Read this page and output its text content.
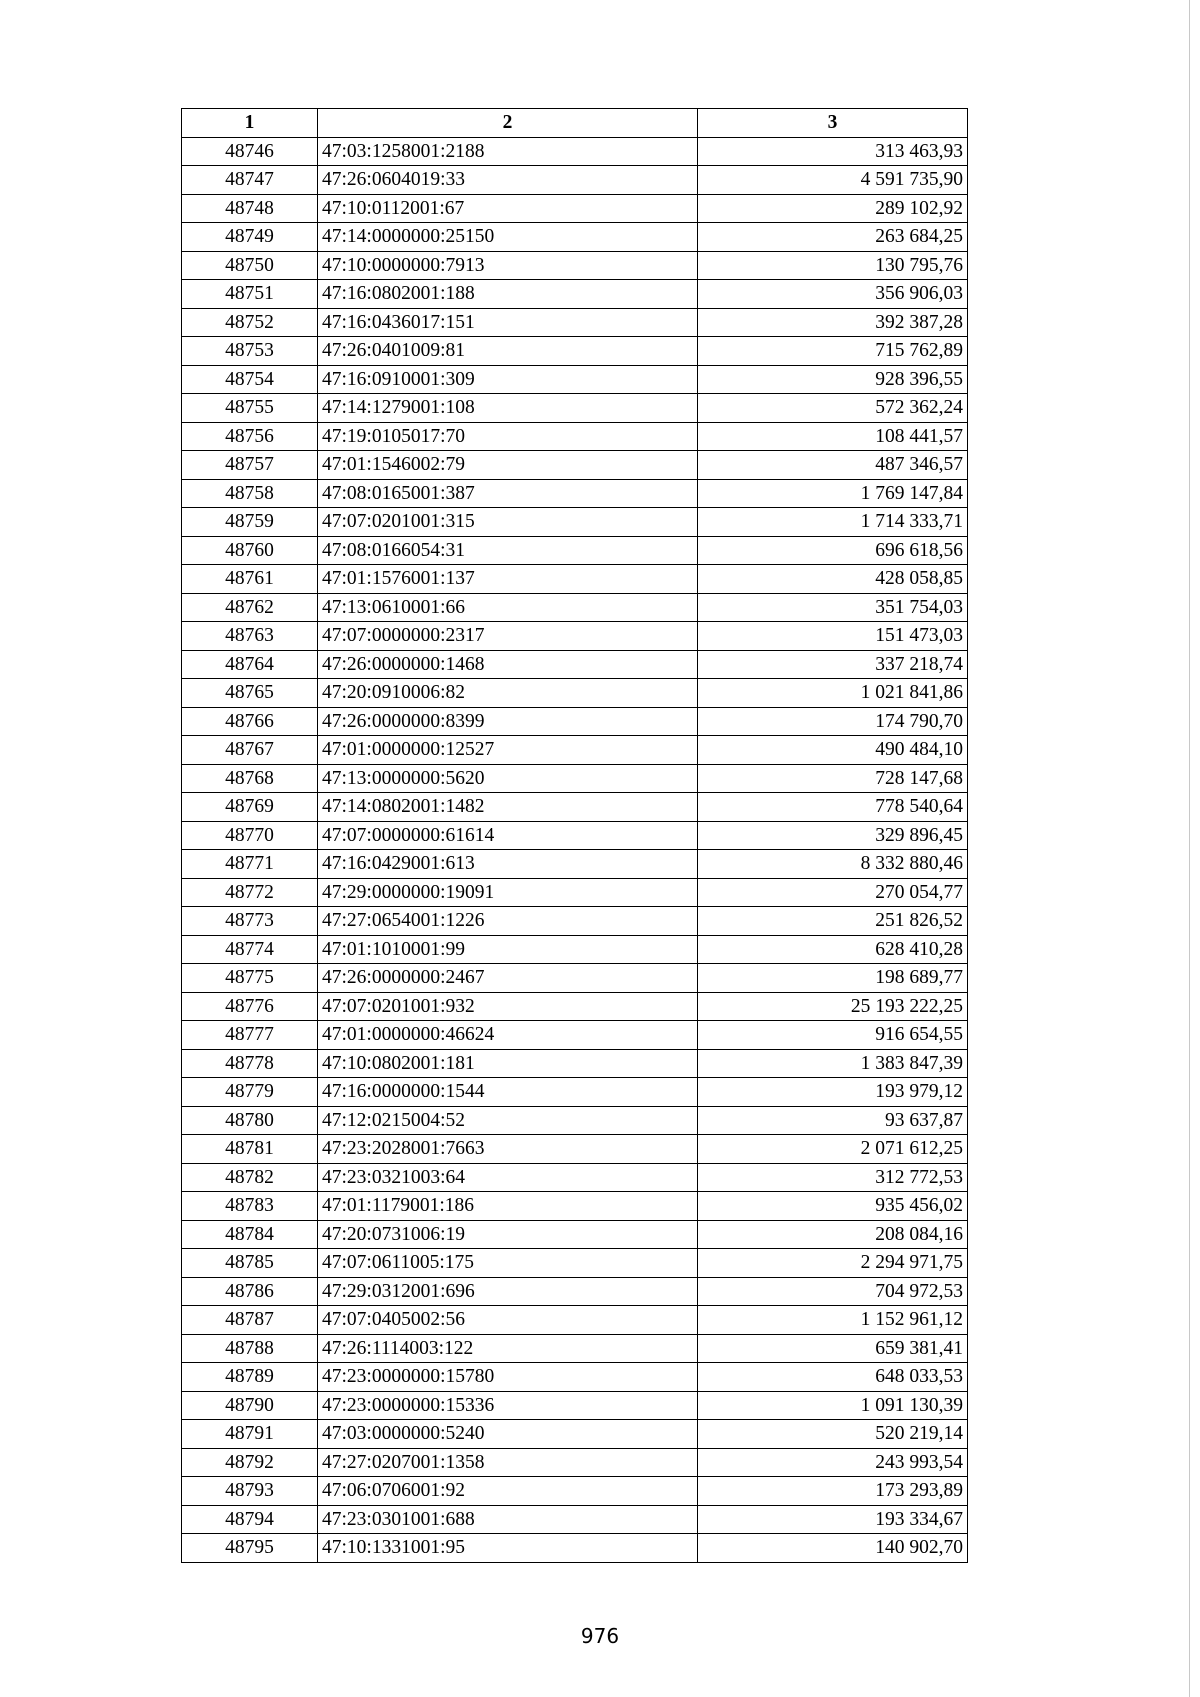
1	2	3
48746	47:03:1258001:2188	313 463,93
48747	47:26:0604019:33	4 591 735,90
48748	47:10:0112001:67	289 102,92
48749	47:14:0000000:25150	263 684,25
48750	47:10:0000000:7913	130 795,76
48751	47:16:0802001:188	356 906,03
48752	47:16:0436017:151	392 387,28
48753	47:26:0401009:81	715 762,89
48754	47:16:0910001:309	928 396,55
48755	47:14:1279001:108	572 362,24
48756	47:19:0105017:70	108 441,57
48757	47:01:1546002:79	487 346,57
48758	47:08:0165001:387	1 769 147,84
48759	47:07:0201001:315	1 714 333,71
48760	47:08:0166054:31	696 618,56
48761	47:01:1576001:137	428 058,85
48762	47:13:0610001:66	351 754,03
48763	47:07:0000000:2317	151 473,03
48764	47:26:0000000:1468	337 218,74
48765	47:20:0910006:82	1 021 841,86
48766	47:26:0000000:8399	174 790,70
48767	47:01:0000000:12527	490 484,10
48768	47:13:0000000:5620	728 147,68
48769	47:14:0802001:1482	778 540,64
48770	47:07:0000000:61614	329 896,45
48771	47:16:0429001:613	8 332 880,46
48772	47:29:0000000:19091	270 054,77
48773	47:27:0654001:1226	251 826,52
48774	47:01:1010001:99	628 410,28
48775	47:26:0000000:2467	198 689,77
48776	47:07:0201001:932	25 193 222,25
48777	47:01:0000000:46624	916 654,55
48778	47:10:0802001:181	1 383 847,39
48779	47:16:0000000:1544	193 979,12
48780	47:12:0215004:52	93 637,87
48781	47:23:2028001:7663	2 071 612,25
48782	47:23:0321003:64	312 772,53
48783	47:01:1179001:186	935 456,02
48784	47:20:0731006:19	208 084,16
48785	47:07:0611005:175	2 294 971,75
48786	47:29:0312001:696	704 972,53
48787	47:07:0405002:56	1 152 961,12
48788	47:26:1114003:122	659 381,41
48789	47:23:0000000:15780	648 033,53
48790	47:23:0000000:15336	1 091 130,39
48791	47:03:0000000:5240	520 219,14
48792	47:27:0207001:1358	243 993,54
48793	47:06:0706001:92	173 293,89
48794	47:23:0301001:688	193 334,67
48795	47:10:1331001:95	140 902,70
976
